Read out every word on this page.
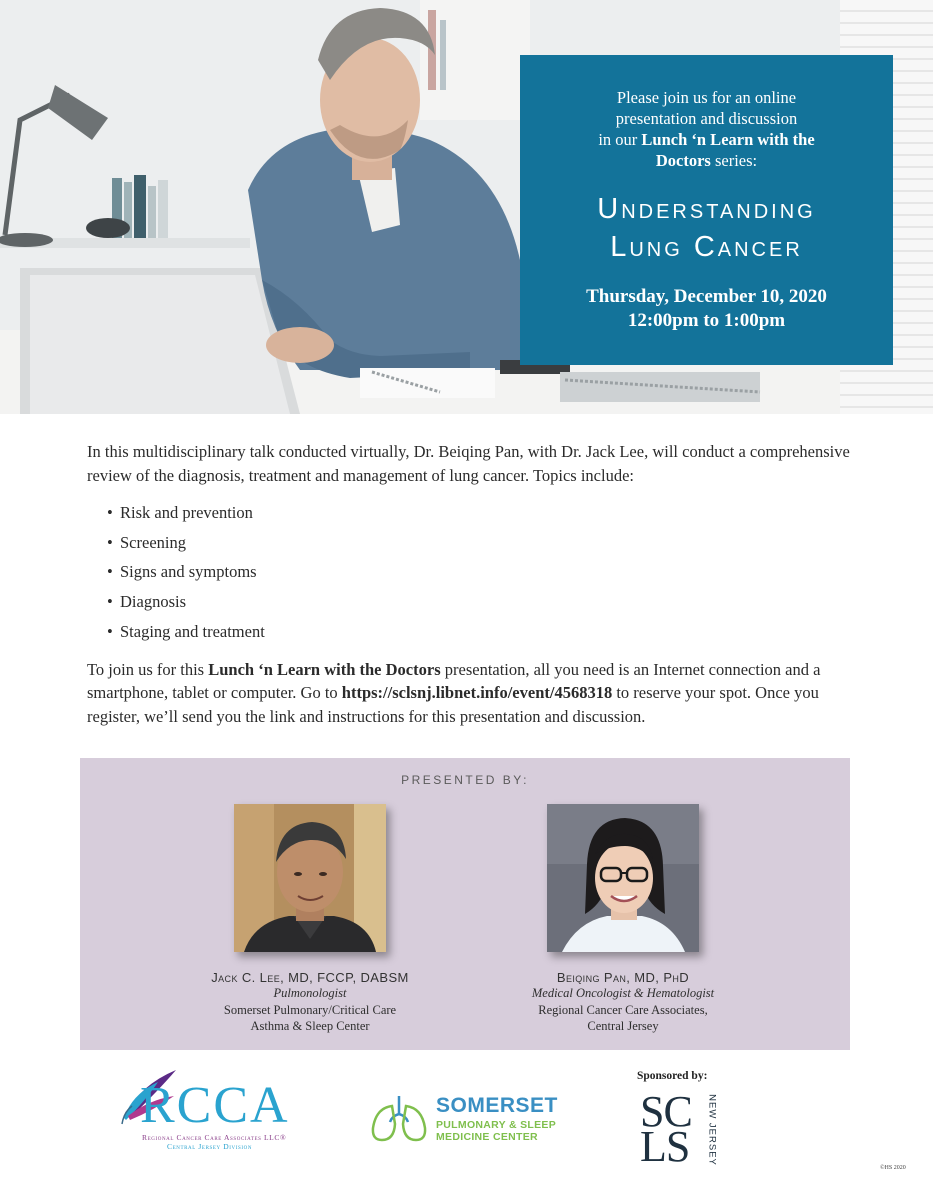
Please join us for an online
presentation and discussion
in our Lunch ‘n Learn with the
Doctors series:
Understanding
Lung Cancer
Thursday, December 10, 2020
12:00pm to 1:00pm

In this multidisciplinary talk conducted virtually, Dr. Beiqing Pan, with Dr. Jack Lee, will conduct a comprehensive review of the diagnosis, treatment and management of lung cancer. Topics include:

• Risk and prevention
• Screening
• Signs and symptoms
• Diagnosis
• Staging and treatment

To join us for this Lunch ‘n Learn with the Doctors presentation, all you need is an Internet connection and a smartphone, tablet or computer. Go to https://sclsnj.libnet.info/event/4568318 to reserve your spot. Once you register, we’ll send you the link and instructions for this presentation and discussion.

PRESENTED BY:
Jack C. Lee, MD, FCCP, DABSM
Pulmonologist
Somerset Pulmonary/Critical Care
Asthma & Sleep Center
Beiqing Pan, MD, PhD
Medical Oncologist & Hematologist
Regional Cancer Care Associates,
Central Jersey
RCCA
Regional Cancer Care Associates LLC®
Central Jersey Division
SOMERSET
PULMONARY & SLEEP
MEDICINE CENTER
Sponsored by:
SC
LS NEW JERSEY
©HS 2020
